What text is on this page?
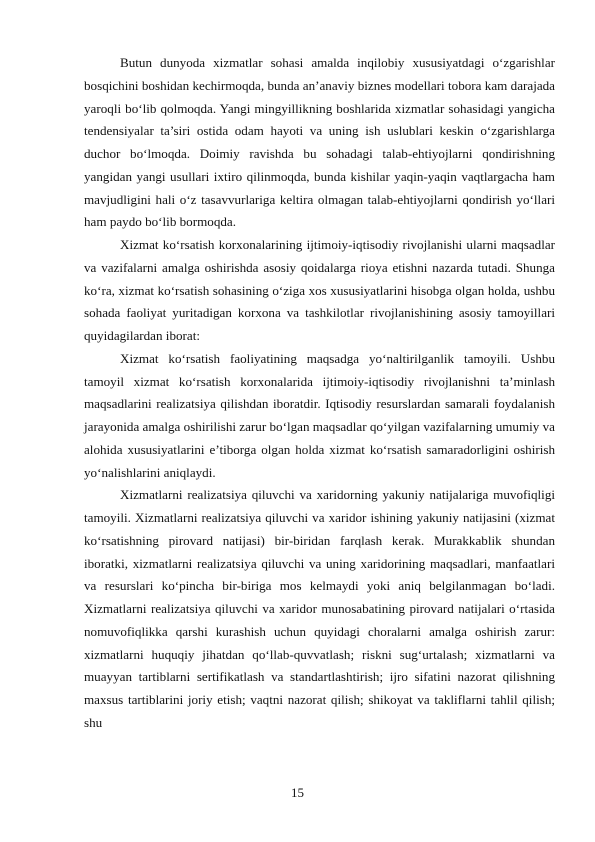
Butun dunyoda xizmatlar sohasi amalda inqilobiy xususiyatdagi o‘zgarishlar bosqichini boshidan kechirmoqda, bunda an’anaviy biznes modellari tobora kam darajada yaroqli bo‘lib qolmoqda. Yangi mingyillikning boshlarida xizmatlar sohasidagi yangicha tendensiyalar ta’siri ostida odam hayoti va uning ish uslublari keskin o‘zgarishlarga duchor bo‘lmoqda. Doimiy ravishda bu sohadagi talab-ehtiyojlarni qondirishning yangidan yangi usullari ixtiro qilinmoqda, bunda kishilar yaqin-yaqin vaqtlargacha ham mavjudligini hali o‘z tasavvurlariga keltira olmagan talab-ehtiyojlarni qondirish yo‘llari ham paydo bo‘lib bormoqda.

Xizmat ko‘rsatish korxonalarining ijtimoiy-iqtisodiy rivojlanishi ularni maqsadlar va vazifalarni amalga oshirishda asosiy qoidalarga rioya etishni nazarda tutadi. Shunga ko‘ra, xizmat ko‘rsatish sohasining o‘ziga xos xususiyatlarini hisobga olgan holda, ushbu sohada faoliyat yuritadigan korxona va tashkilotlar rivojlanishining asosiy tamoyillari quyidagilardan iborat:

Xizmat ko‘rsatish faoliyatining maqsadga yo‘naltirilganlik tamoyili. Ushbu tamoyil xizmat ko‘rsatish korxonalarida ijtimoiy-iqtisodiy rivojlanishni ta’minlash maqsadlarini realizatsiya qilishdan iboratdir. Iqtisodiy resurslardan samarali foydalanish jarayonida amalga oshirilishi zarur bo‘lgan maqsadlar qo‘yilgan vazifalarning umumiy va alohida xususiyatlarini e’tiborga olgan holda xizmat ko‘rsatish samaradorligini oshirish yo‘nalishlarini aniqlaydi.

Xizmatlarni realizatsiya qiluvchi va xaridorning yakuniy natijalariga muvofiqligi tamoyili. Xizmatlarni realizatsiya qiluvchi va xaridor ishining yakuniy natijasini (xizmat ko‘rsatishning pirovard natijasi) bir-biridan farqlash kerak. Murakkablik shundan iboratki, xizmatlarni realizatsiya qiluvchi va uning xaridorining maqsadlari, manfaatlari va resurslari ko‘pincha bir-biriga mos kelmaydi yoki aniq belgilanmagan bo‘ladi. Xizmatlarni realizatsiya qiluvchi va xaridor munosabatining pirovard natijalari o‘rtasida nomuvofiqlikka qarshi kurashish uchun quyidagi choralarni amalga oshirish zarur: xizmatlarni huquqiy jihatdan qo‘llab-quvvatlash; riskni sug‘urtalash; xizmatlarni va muayyan tartiblarni sertifikatlash va standartlashtirish; ijro sifatini nazorat qilishning maxsus tartiblarini joriy etish; vaqtni nazorat qilish; shikoyat va takliflarni tahlil qilish; shu

15
